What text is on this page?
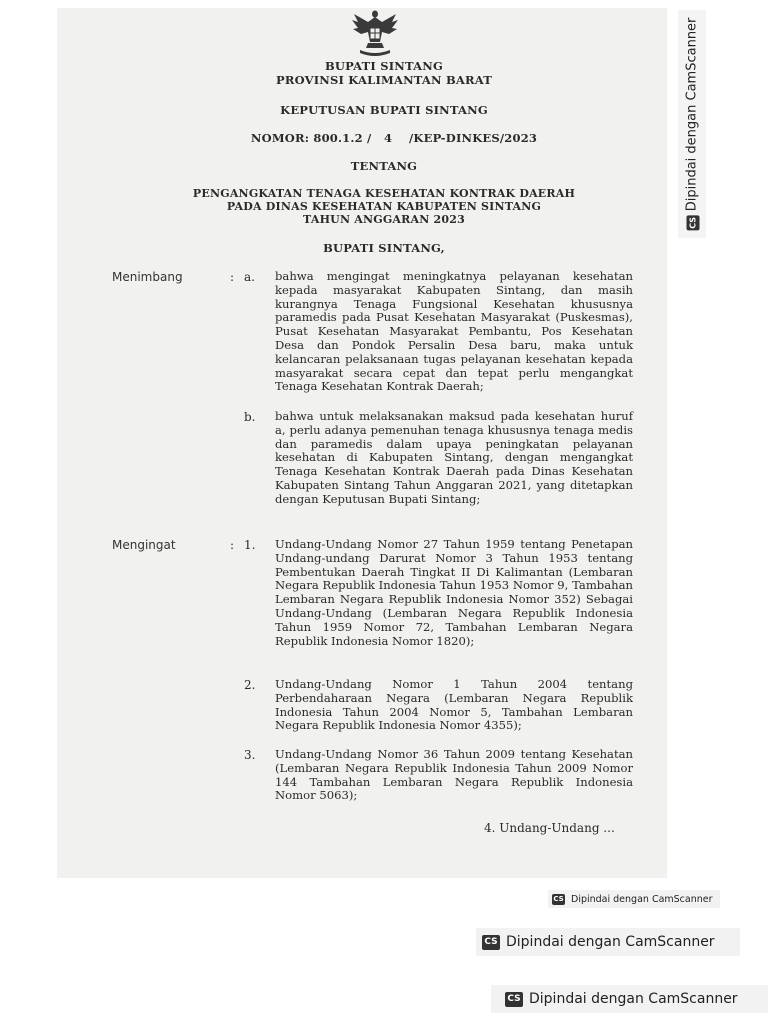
BUPATI SINTANG
PROVINSI KALIMANTAN BARAT
KEPUTUSAN BUPATI SINTANG
NOMOR: 800.1.2 /   4    /KEP-DINKES/2023
TENTANG
PENGANGKATAN TENAGA KESEHATAN KONTRAK DAERAH
PADA DINAS KESEHATAN KABUPATEN SINTANG
TAHUN ANGGARAN 2023
BUPATI SINTANG,
Menimbang	: a. bahwa mengingat meningkatnya pelayanan kesehatan kepada masyarakat Kabupaten Sintang, dan masih kurangnya Tenaga Fungsional Kesehatan khususnya paramedis pada Pusat Kesehatan Masyarakat (Puskesmas), Pusat Kesehatan Masyarakat Pembantu, Pos Kesehatan Desa dan Pondok Persalin Desa baru, maka untuk kelancaran pelaksanaan tugas pelayanan kesehatan kepada masyarakat secara cepat dan tepat perlu mengangkat Tenaga Kesehatan Kontrak Daerah;
b. bahwa untuk melaksanakan maksud pada kesehatan huruf a, perlu adanya pemenuhan tenaga khususnya tenaga medis dan paramedis dalam upaya peningkatan pelayanan kesehatan di Kabupaten Sintang, dengan mengangkat Tenaga Kesehatan Kontrak Daerah pada Dinas Kesehatan Kabupaten Sintang Tahun Anggaran 2021, yang ditetapkan dengan Keputusan Bupati Sintang;
Mengingat	: 1. Undang-Undang Nomor 27 Tahun 1959 tentang Penetapan Undang-undang Darurat Nomor 3 Tahun 1953 tentang Pembentukan Daerah Tingkat II Di Kalimantan (Lembaran Negara Republik Indonesia Tahun 1953 Nomor 9, Tambahan Lembaran Negara Republik Indonesia Nomor 352) Sebagai Undang-Undang (Lembaran Negara Republik Indonesia Tahun 1959 Nomor 72, Tambahan Lembaran Negara Republik Indonesia Nomor 1820);
2. Undang-Undang Nomor 1 Tahun 2004 tentang Perbendaharaan Negara (Lembaran Negara Republik Indonesia Tahun 2004 Nomor 5, Tambahan Lembaran Negara Republik Indonesia Nomor 4355);
3. Undang-Undang Nomor 36 Tahun 2009 tentang Kesehatan (Lembaran Negara Republik Indonesia Tahun 2009 Nomor 144 Tambahan Lembaran Negara Republik Indonesia Nomor 5063);
4. Undang-Undang ...
CS Dipindai dengan CamScanner
CS Dipindai dengan CamScanner
CS Dipindai dengan CamScanner
CS Dipindai dengan CamScanner
